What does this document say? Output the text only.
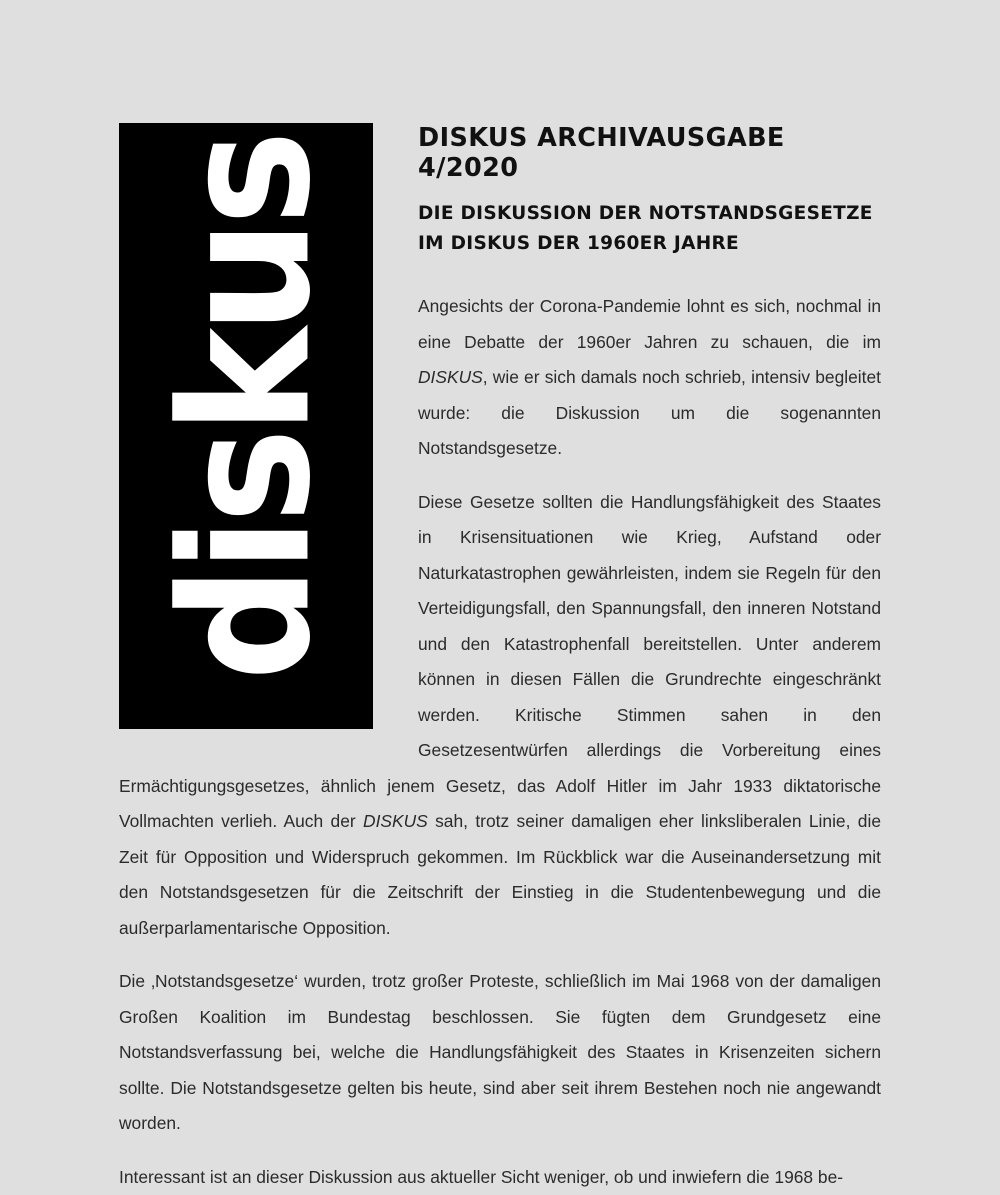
diskus	DISKUS ARCHIVAUSGABE 4/2020
DIE DISKUSSION DER NOTSTANDSGESETZE
IM DISKUS DER 1960ER JAHRE

Angesichts der Corona-Pandemie lohnt es sich, nochmal in eine Debatte der 1960er Jahren zu schauen, die im DISKUS, wie er sich damals noch schrieb, intensiv begleitet wurde: die Diskussion um die sogenannten Notstandsgesetze.

Diese Gesetze sollten die Handlungsfähigkeit des Staates in Krisensituationen wie Krieg, Aufstand oder Naturkatastrophen gewährleisten, indem sie Regeln für den Verteidigungsfall, den Spannungsfall, den inneren Notstand und den Katastrophenfall bereitstellen. Unter anderem können in diesen Fällen die Grundrechte eingeschränkt werden. Kritische Stimmen sahen in den Gesetzesentwürfen allerdings die Vorbereitung eines Ermächtigungsgesetzes, ähnlich jenem Gesetz, das Adolf Hitler im Jahr 1933 diktatorische Vollmachten verlieh. Auch der DISKUS sah, trotz seiner damaligen eher linksliberalen Linie, die Zeit für Opposition und Widerspruch gekommen. Im Rückblick war die Auseinandersetzung mit den Notstandsgesetzen für die Zeitschrift der Einstieg in die Studentenbewegung und die außerparlamentarische Opposition.

Die ‚Notstandsgesetze‘ wurden, trotz großer Proteste, schließlich im Mai 1968 von der damaligen Großen Koalition im Bundestag beschlossen. Sie fügten dem Grundgesetz eine Notstandsverfassung bei, welche die Handlungsfähigkeit des Staates in Krisenzeiten sichern sollte. Die Notstandsgesetze gelten bis heute, sind aber seit ihrem Bestehen noch nie angewandt worden.

Interessant ist an dieser Diskussion aus aktueller Sicht weniger, ob und inwiefern die 1968 be-
